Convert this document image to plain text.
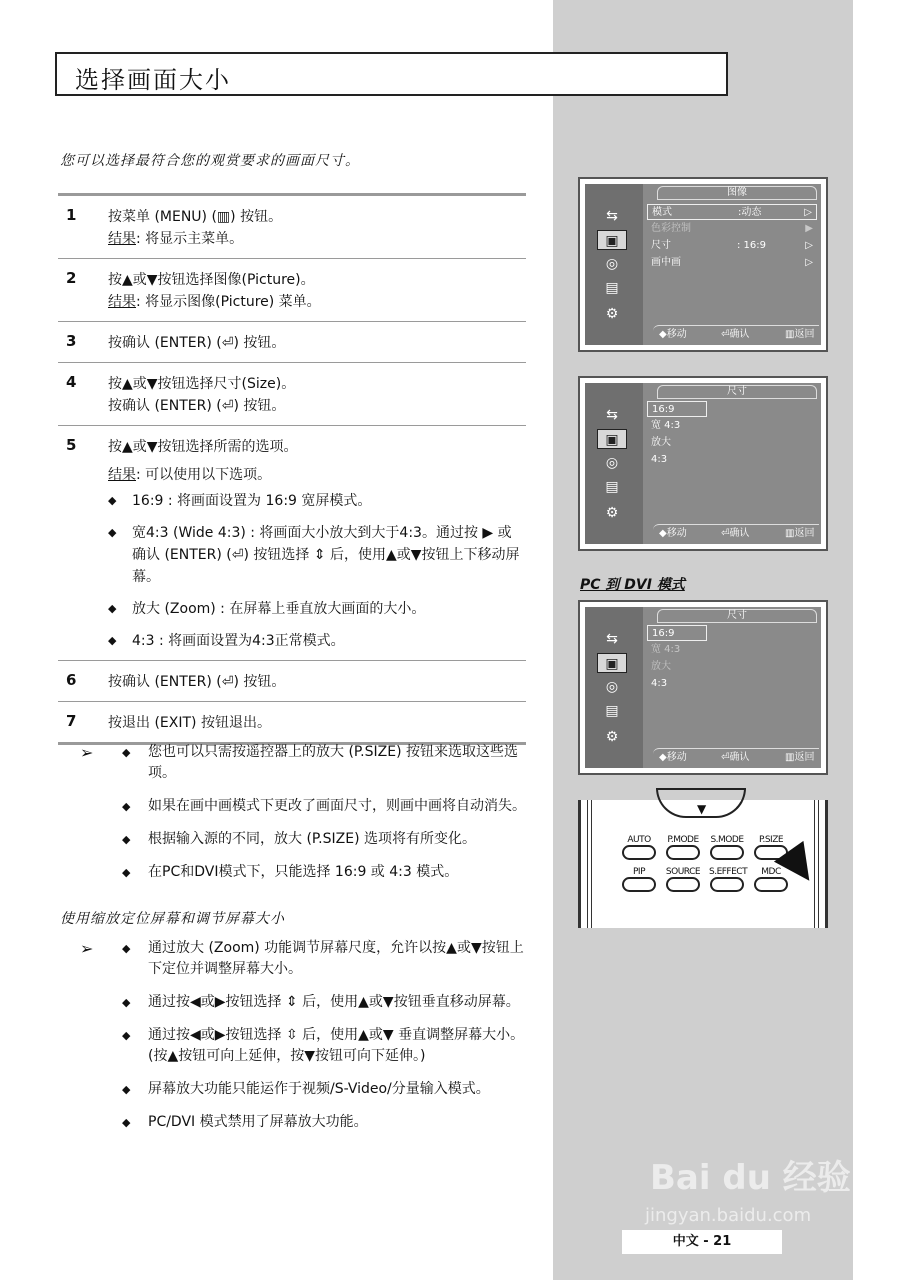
选择画面大小
您可以选择最符合您的观赏要求的画面尺寸。
1 按菜单 (MENU) (▥) 按钮。
结果: 将显示主菜单。
2 按▲或▼按钮选择图像(Picture)。
结果: 将显示图像(Picture) 菜单。
3 按确认 (ENTER) (⏎) 按钮。
4 按▲或▼按钮选择尺寸(Size)。
按确认 (ENTER) (⏎) 按钮。
5 按▲或▼按钮选择所需的选项。
结果: 可以使用以下选项。
◆ 16:9 : 将画面设置为 16:9 宽屏模式。
◆ 宽4:3 (Wide 4:3) : 将画面大小放大到大于4:3。通过按 ▶ 或 确认 (ENTER) (⏎) 按钮选择 ⇕ 后，使用▲或▼按钮上下移动屏幕。
◆ 放大 (Zoom) : 在屏幕上垂直放大画面的大小。
◆ 4:3 : 将画面设置为4:3正常模式。
6 按确认 (ENTER) (⏎) 按钮。
7 按退出 (EXIT) 按钮退出。
➢	◆ 您也可以只需按遥控器上的放大 (P.SIZE) 按钮来选取这些选项。
◆ 如果在画中画模式下更改了画面尺寸，则画中画将自动消失。
◆ 根据输入源的不同，放大 (P.SIZE) 选项将有所变化。
◆ 在PC和DVI模式下，只能选择 16:9 或 4:3 模式。
使用缩放定位屏幕和调节屏幕大小
➢	◆ 通过放大 (Zoom) 功能调节屏幕尺度，允许以按▲或▼按钮上下定位并调整屏幕大小。
◆ 通过按◀或▶按钮选择 ⇕ 后，使用▲或▼按钮垂直移动屏幕。
◆ 通过按◀或▶按钮选择 ⇳ 后，使用▲或▼ 垂直调整屏幕大小。(按▲按钮可向上延伸，按▼按钮可向下延伸。)
◆ 屏幕放大功能只能运作于视频/S-Video/分量输入模式。
◆ PC/DVI 模式禁用了屏幕放大功能。
⇆
▣
◎
▤
⚙
图像
模式	:动态	▷
色彩控制	▶
尺寸	: 16:9	▷
画中画	▷
◆移动	⏎确认	▥返回
⇆
▣
◎
▤
⚙
尺寸
16:9
宽 4:3
放大
4:3
◆移动	⏎确认	▥返回
PC 到 DVI 模式
⇆
▣
◎
▤
⚙
尺寸
16:9
宽 4:3
放大
4:3
◆移动	⏎确认	▥返回
▼
AUTO	P.MODE S.MODE	P.SIZE
PIP	SOURCE S.EFFECT	MDC
Bai du 经验
jingyan.baidu.com
中文 - 21
